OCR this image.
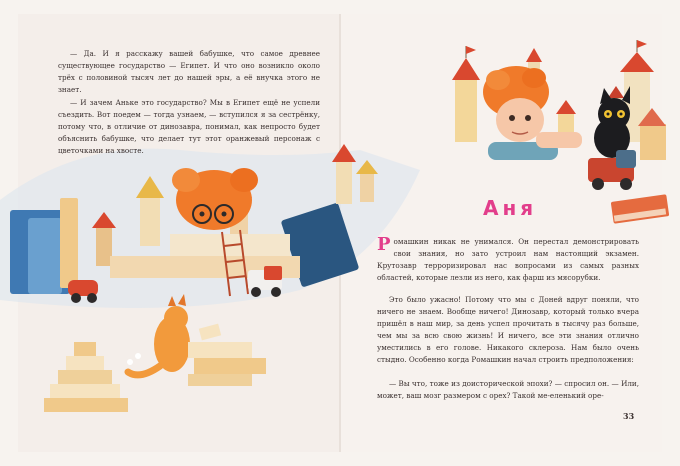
— Да. И я расскажу вашей бабушке, что самое древнее существующее государство — Египет. И что оно возникло около трёх с половиной тысяч лет до нашей эры, а её внучка этого не знает.

— И зачем Аньке это государство? Мы в Египет ещё не успели съездить. Вот поедем — тогда узнаем, — вступился я за сестрёнку, потому что, в отличие от динозавра, понимал, как непросто будет объяснить бабушке, что делает тут этот оранжевый персонаж с цветочками на хвосте.

Аня

Ромашкин никак не унимался. Он перестал демонстрировать свои знания, но зато устроил нам настоящий экзамен. Крутозавр терроризировал нас вопросами из самых разных областей, которые лезли из него, как фарш из мясорубки.

Это было ужасно! Потому что мы с Доней вдруг поняли, что ничего не знаем. Вообще ничего! Динозавр, который только вчера пришёл в наш мир, за день успел прочитать в тысячу раз больше, чем мы за всю свою жизнь! И ничего, все эти знания отлично уместились в его голове. Никакого склероза. Нам было очень стыдно. Особенно когда Ромашкин начал строить предположения:

— Вы что, тоже из доисторической эпохи? — спросил он. — Или, может, ваш мозг размером с орех? Такой ме-еленький оре-

33
